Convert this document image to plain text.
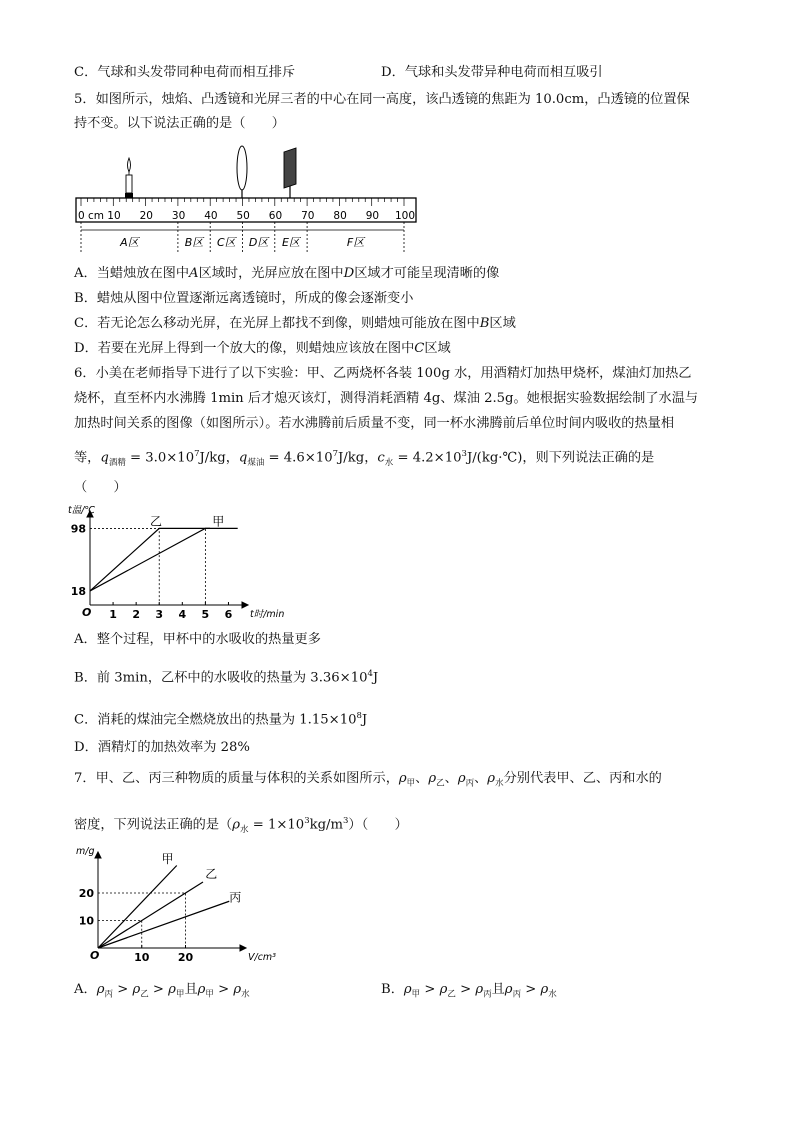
C．气球和头发带同种电荷而相互排斥	D．气球和头发带异种电荷而相互吸引
5．如图所示，烛焰、凸透镜和光屏三者的中心在同一高度，该凸透镜的焦距为 10.0cm，凸透镜的位置保
持不变。以下说法正确的是（　　）
0 cm 10 20 30 40 50 60 70 80 90 100
A区	B区 C区 D区 E区	F区
A．当蜡烛放在图中A区域时，光屏应放在图中D区域才可能呈现清晰的像
B．蜡烛从图中位置逐渐远离透镜时，所成的像会逐渐变小
C．若无论怎么移动光屏，在光屏上都找不到像，则蜡烛可能放在图中B区域
D．若要在光屏上得到一个放大的像，则蜡烛应该放在图中C区域
6．小美在老师指导下进行了以下实验：甲、乙两烧杯各装 100g 水，用酒精灯加热甲烧杯，煤油灯加热乙
烧杯，直至杯内水沸腾 1min 后才熄灭该灯，测得消耗酒精 4g、煤油 2.5g。她根据实验数据绘制了水温与
加热时间关系的图像（如图所示）。若水沸腾前后质量不变，同一杯水沸腾前后单位时间内吸收的热量相
等，$q_{酒精} = 3.0\times 10^7J/kg$，$q_{煤油} = 4.6\times 10^7J/kg$，$c_水$ = $4.2\times 10^3J/(kg\cdot℃)$，则下列说法正确的是
（　　）
乙	甲
1 2 3 4 5 6
18
98
O	t时/min
t温/℃
A．整个过程，甲杯中的水吸收的热量更多
B．前 3min，乙杯中的水吸收的热量为 $3.36\times 10^4J$
C．消耗的煤油完全燃烧放出的热量为 $1.15\times 10^8J$
D．酒精灯的加热效率为 28%
7．甲、乙、丙三种物质的质量与体积的关系如图所示，$\rho_甲$、$\rho_乙$、$\rho_丙$、$\rho_水$分别代表甲、乙、丙和水的
密度，下列说法正确的是$(\rho_水 = 1\times 10^3kg/m^3)$（　　）
甲
乙
丙
10	20
10
20
O	V/cm³
m/g
A．$\rho_丙 > \rho_乙 > \rho_甲$且$\rho_甲 > \rho_水$	B．$\rho_甲 > \rho_乙 > \rho_丙$且$\rho_丙 > \rho_水$
